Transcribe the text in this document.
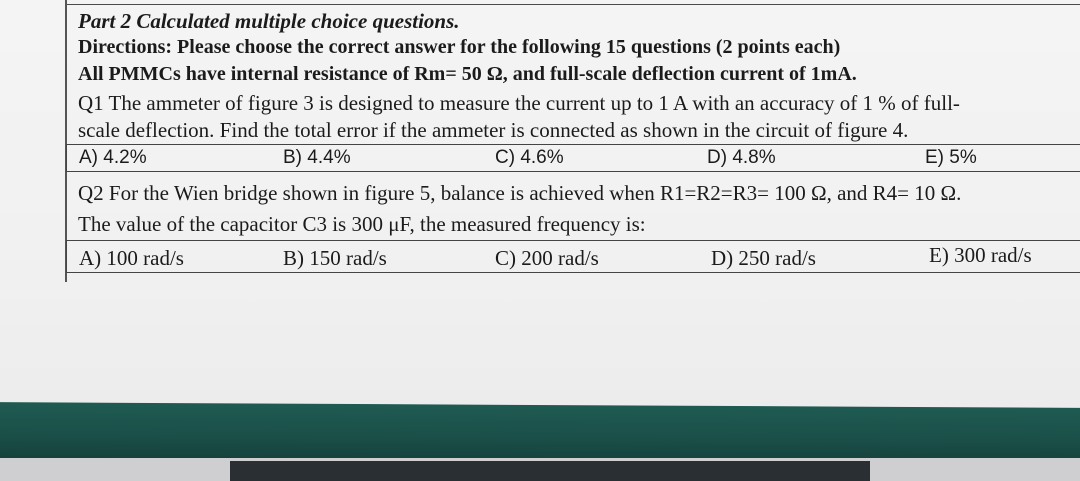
Part 2 Calculated multiple choice questions.
Directions: Please choose the correct answer for the following 15 questions (2 points each)
All PMMCs have internal resistance of Rm= 50 Ω, and full-scale deflection current of 1mA.
Q1 The ammeter of figure 3 is designed to measure the current up to 1 A with an accuracy of 1 % of full-
scale deflection. Find the total error if the ammeter is connected as shown in the circuit of figure 4.
A) 4.2%	B) 4.4%	C) 4.6%	D) 4.8%	E) 5%
Q2 For the Wien bridge shown in figure 5, balance is achieved when R1=R2=R3= 100 Ω, and R4= 10 Ω.
The value of the capacitor C3 is 300 μF, the measured frequency is:
A) 100 rad/s	B) 150 rad/s	C) 200 rad/s	D) 250 rad/s	E) 300 rad/s
